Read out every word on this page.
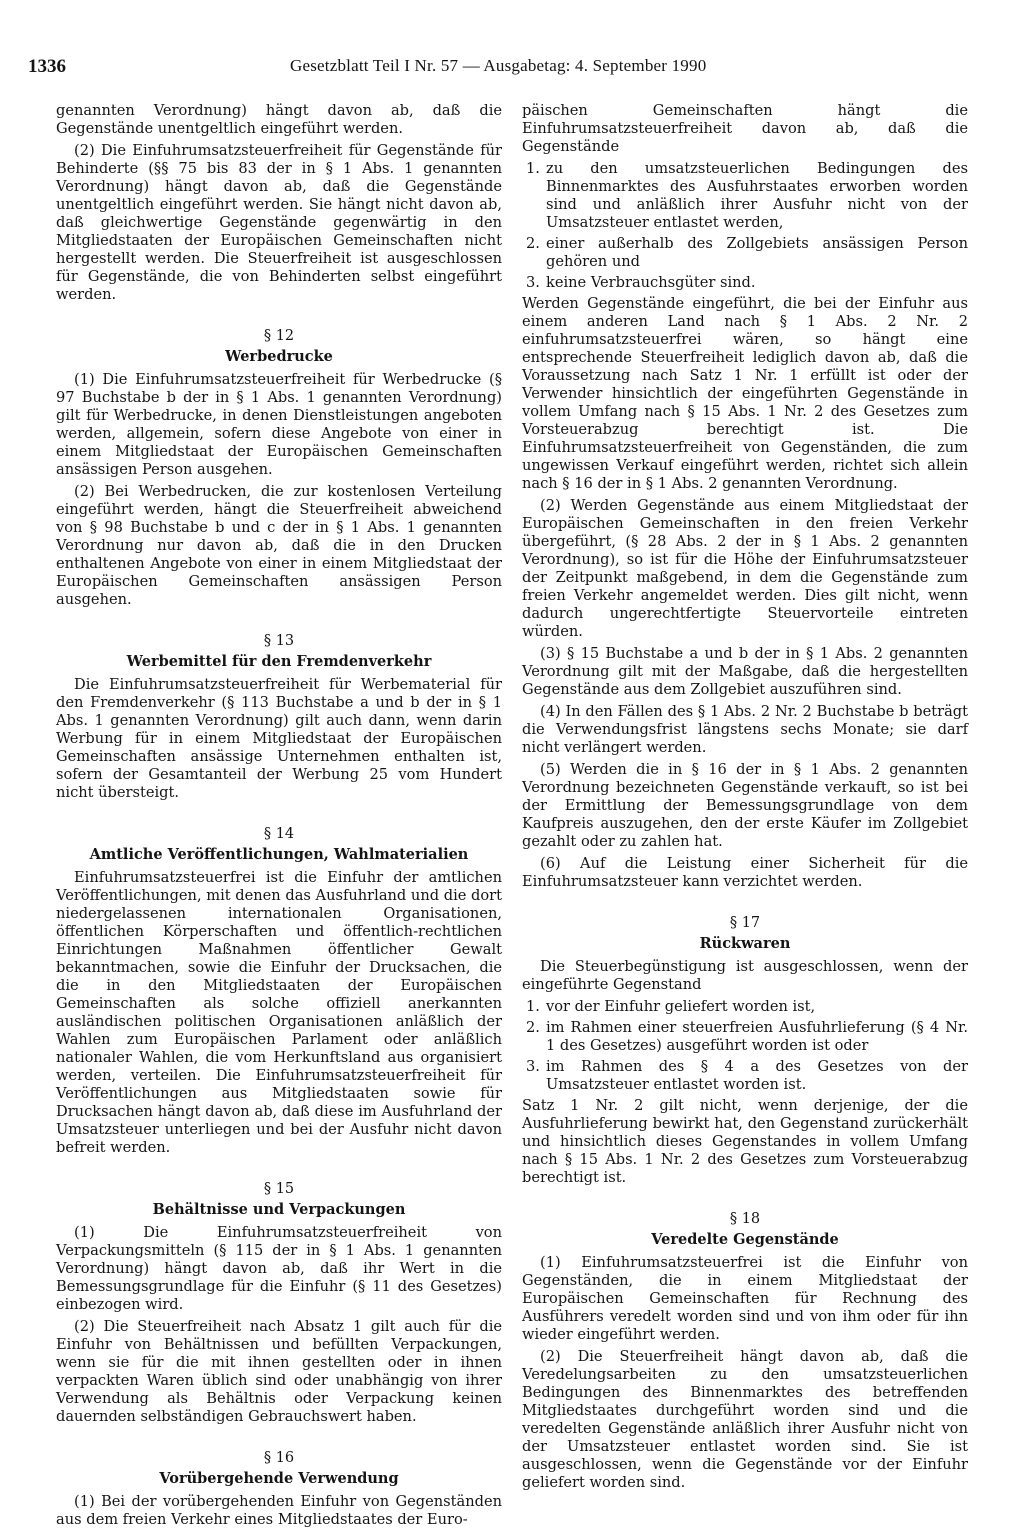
1336	Gesetzblatt Teil I Nr. 57 — Ausgabetag: 4. September 1990

genannten Verordnung) hängt davon ab, daß die Gegenstände unentgeltlich eingeführt werden.

(2) Die Einfuhrumsatzsteuerfreiheit für Gegenstände für Behinderte (§§ 75 bis 83 der in § 1 Abs. 1 genannten Verordnung) hängt davon ab, daß die Gegenstände unentgeltlich eingeführt werden. Sie hängt nicht davon ab, daß gleichwertige Gegenstände gegenwärtig in den Mitgliedstaaten der Europäischen Gemeinschaften nicht hergestellt werden. Die Steuerfreiheit ist ausgeschlossen für Gegenstände, die von Behinderten selbst eingeführt werden.

§ 12
Werbedrucke

(1) Die Einfuhrumsatzsteuerfreiheit für Werbedrucke (§ 97 Buchstabe b der in § 1 Abs. 1 genannten Verordnung) gilt für Werbedrucke, in denen Dienstleistungen angeboten werden, allgemein, sofern diese Angebote von einer in einem Mitgliedstaat der Europäischen Gemeinschaften ansässigen Person ausgehen.

(2) Bei Werbedrucken, die zur kostenlosen Verteilung eingeführt werden, hängt die Steuerfreiheit abweichend von § 98 Buchstabe b und c der in § 1 Abs. 1 genannten Verordnung nur davon ab, daß die in den Drucken enthaltenen Angebote von einer in einem Mitgliedstaat der Europäischen Gemeinschaften ansässigen Person ausgehen.

§ 13
Werbemittel für den Fremdenverkehr

Die Einfuhrumsatzsteuerfreiheit für Werbematerial für den Fremdenverkehr (§ 113 Buchstabe a und b der in § 1 Abs. 1 genannten Verordnung) gilt auch dann, wenn darin Werbung für in einem Mitgliedstaat der Europäischen Gemeinschaften ansässige Unternehmen enthalten ist, sofern der Gesamtanteil der Werbung 25 vom Hundert nicht übersteigt.

§ 14
Amtliche Veröffentlichungen, Wahlmaterialien

Einfuhrumsatzsteuerfrei ist die Einfuhr der amtlichen Veröffentlichungen, mit denen das Ausfuhrland und die dort niedergelassenen internationalen Organisationen, öffentlichen Körperschaften und öffentlich-rechtlichen Einrichtungen Maßnahmen öffentlicher Gewalt bekanntmachen, sowie die Einfuhr der Drucksachen, die die in den Mitgliedstaaten der Europäischen Gemeinschaften als solche offiziell anerkannten ausländischen politischen Organisationen anläßlich der Wahlen zum Europäischen Parlament oder anläßlich nationaler Wahlen, die vom Herkunftsland aus organisiert werden, verteilen. Die Einfuhrumsatzsteuerfreiheit für Veröffentlichungen aus Mitgliedstaaten sowie für Drucksachen hängt davon ab, daß diese im Ausfuhrland der Umsatzsteuer unterliegen und bei der Ausfuhr nicht davon befreit werden.

§ 15
Behältnisse und Verpackungen

(1) Die Einfuhrumsatzsteuerfreiheit von Verpackungsmitteln (§ 115 der in § 1 Abs. 1 genannten Verordnung) hängt davon ab, daß ihr Wert in die Bemessungsgrundlage für die Einfuhr (§ 11 des Gesetzes) einbezogen wird.

(2) Die Steuerfreiheit nach Absatz 1 gilt auch für die Einfuhr von Behältnissen und befüllten Verpackungen, wenn sie für die mit ihnen gestellten oder in ihnen verpackten Waren üblich sind oder unabhängig von ihrer Verwendung als Behältnis oder Verpackung keinen dauernden selbständigen Gebrauchswert haben.

§ 16
Vorübergehende Verwendung

(1) Bei der vorübergehenden Einfuhr von Gegenständen aus dem freien Verkehr eines Mitgliedstaates der Euro-

päischen Gemeinschaften hängt die Einfuhrumsatzsteuerfreiheit davon ab, daß die Gegenstände

1. zu den umsatzsteuerlichen Bedingungen des Binnenmarktes des Ausfuhrstaates erworben worden sind und anläßlich ihrer Ausfuhr nicht von der Umsatzsteuer entlastet werden,
2. einer außerhalb des Zollgebiets ansässigen Person gehören und
3. keine Verbrauchsgüter sind.

Werden Gegenstände eingeführt, die bei der Einfuhr aus einem anderen Land nach § 1 Abs. 2 Nr. 2 einfuhrumsatzsteuerfrei wären, so hängt eine entsprechende Steuerfreiheit lediglich davon ab, daß die Voraussetzung nach Satz 1 Nr. 1 erfüllt ist oder der Verwender hinsichtlich der eingeführten Gegenstände in vollem Umfang nach § 15 Abs. 1 Nr. 2 des Gesetzes zum Vorsteuerabzug berechtigt ist. Die Einfuhrumsatzsteuerfreiheit von Gegenständen, die zum ungewissen Verkauf eingeführt werden, richtet sich allein nach § 16 der in § 1 Abs. 2 genannten Verordnung.

(2) Werden Gegenstände aus einem Mitgliedstaat der Europäischen Gemeinschaften in den freien Verkehr übergeführt, (§ 28 Abs. 2 der in § 1 Abs. 2 genannten Verordnung), so ist für die Höhe der Einfuhrumsatzsteuer der Zeitpunkt maßgebend, in dem die Gegenstände zum freien Verkehr angemeldet werden. Dies gilt nicht, wenn dadurch ungerechtfertigte Steuervorteile eintreten würden.

(3) § 15 Buchstabe a und b der in § 1 Abs. 2 genannten Verordnung gilt mit der Maßgabe, daß die hergestellten Gegenstände aus dem Zollgebiet auszuführen sind.

(4) In den Fällen des § 1 Abs. 2 Nr. 2 Buchstabe b beträgt die Verwendungsfrist längstens sechs Monate; sie darf nicht verlängert werden.

(5) Werden die in § 16 der in § 1 Abs. 2 genannten Verordnung bezeichneten Gegenstände verkauft, so ist bei der Ermittlung der Bemessungsgrundlage von dem Kaufpreis auszugehen, den der erste Käufer im Zollgebiet gezahlt oder zu zahlen hat.

(6) Auf die Leistung einer Sicherheit für die Einfuhrumsatzsteuer kann verzichtet werden.

§ 17
Rückwaren

Die Steuerbegünstigung ist ausgeschlossen, wenn der eingeführte Gegenstand

1. vor der Einfuhr geliefert worden ist,
2. im Rahmen einer steuerfreien Ausfuhrlieferung (§ 4 Nr. 1 des Gesetzes) ausgeführt worden ist oder
3. im Rahmen des § 4 a des Gesetzes von der Umsatzsteuer entlastet worden ist.

Satz 1 Nr. 2 gilt nicht, wenn derjenige, der die Ausfuhrlieferung bewirkt hat, den Gegenstand zurückerhält und hinsichtlich dieses Gegenstandes in vollem Umfang nach § 15 Abs. 1 Nr. 2 des Gesetzes zum Vorsteuerabzug berechtigt ist.

§ 18
Veredelte Gegenstände

(1) Einfuhrumsatzsteuerfrei ist die Einfuhr von Gegenständen, die in einem Mitgliedstaat der Europäischen Gemeinschaften für Rechnung des Ausführers veredelt worden sind und von ihm oder für ihn wieder eingeführt werden.

(2) Die Steuerfreiheit hängt davon ab, daß die Veredelungsarbeiten zu den umsatzsteuerlichen Bedingungen des Binnenmarktes des betreffenden Mitgliedstaates durchgeführt worden sind und die veredelten Gegenstände anläßlich ihrer Ausfuhr nicht von der Umsatzsteuer entlastet worden sind. Sie ist ausgeschlossen, wenn die Gegenstände vor der Einfuhr geliefert worden sind.
